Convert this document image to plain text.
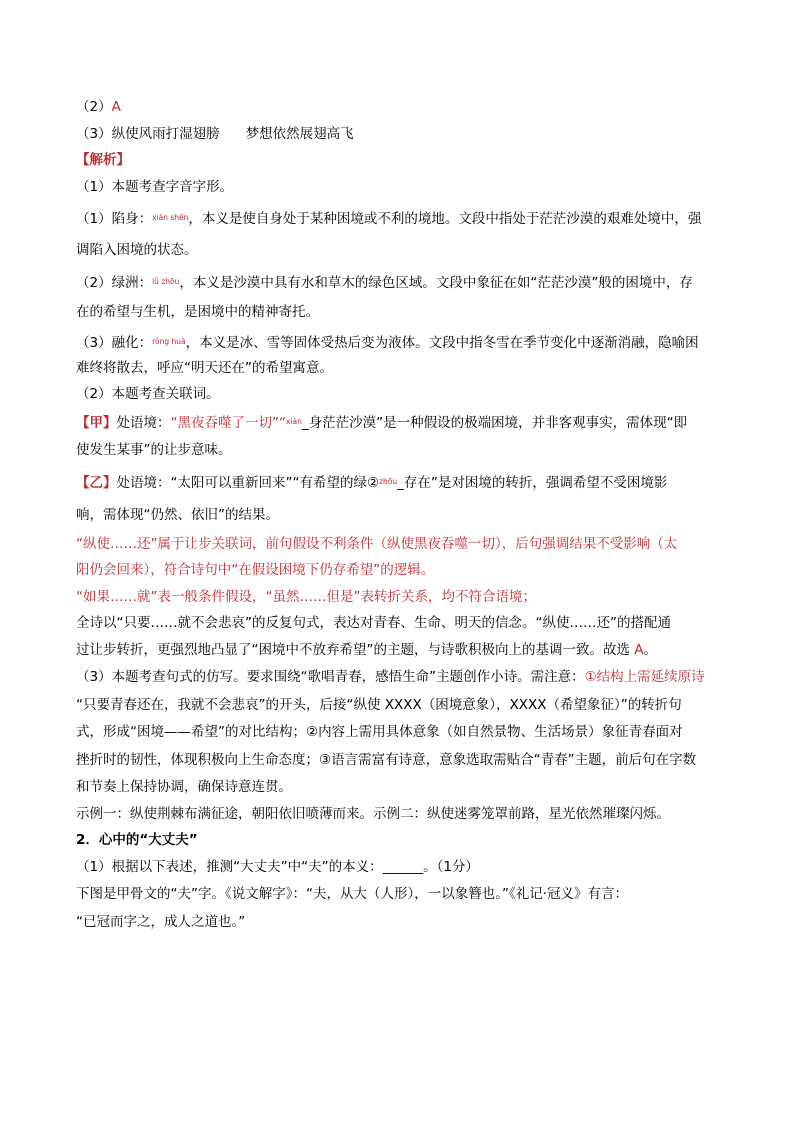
（2）A
（3）纵使风雨打湿翅膀 梦想依然展翅高飞
【解析】
（1）本题考查字音字形。
（1）陷身：$^{xiàn shēn}$，本义是使自身处于某种困境或不利的境地。文段中指处于茫茫沙漠的艰难处境中，强
调陷入困境的状态。
（2）绿洲：$^{lǜ zhōu}$，本义是沙漠中具有水和草木的绿色区域。文段中象征在如“茫茫沙漠”般的困境中，存
在的希望与生机，是困境中的精神寄托。
（3）融化：$^{róng huà}$，本义是冰、雪等固体受热后变为液体。文段中指冬雪在季节变化中逐渐消融，隐喻困
难终将散去，呼应“明天还在”的希望寓意。
（2）本题考查关联词。
【甲】处语境：“黑夜吞噬了一切”“$^{xiàn}$_身茫茫沙漠”是一种假设的极端困境，并非客观事实，需体现“即
使发生某事”的让步意味。
【乙】处语境：“太阳可以重新回来”“有希望的绿②$^{zhōu}$_存在”是对困境的转折，强调希望不受困境影
响，需体现“仍然、依旧”的结果。
“纵使……还”属于让步关联词，前句假设不利条件（纵使黑夜吞噬一切），后句强调结果不受影响（太
阳仍会回来），符合诗句中“在假设困境下仍存希望”的逻辑。
“如果……就”表一般条件假设，“虽然……但是”表转折关系，均不符合语境；
全诗以“只要……就不会悲哀”的反复句式，表达对青春、生命、明天的信念。“纵使……还”的搭配通
过让步转折，更强烈地凸显了“困境中不放弃希望”的主题，与诗歌积极向上的基调一致。故选 A。
（3）本题考查句式的仿写。要求围绕“歌唱青春，感悟生命”主题创作小诗。需注意：①结构上需延续原诗
“只要青春还在，我就不会悲哀”的开头，后接“纵使 XXXX（困境意象），XXXX（希望象征）”的转折句
式，形成“困境——希望”的对比结构；②内容上需用具体意象（如自然景物、生活场景）象征青春面对
挫折时的韧性，体现积极向上生命态度；③语言需富有诗意，意象选取需贴合“青春”主题，前后句在字数
和节奏上保持协调，确保诗意连贯。
示例一：纵使荆棘布满征途，朝阳依旧喷薄而来。示例二：纵使迷雾笼罩前路，星光依然璀璨闪烁。
2．心中的“大丈夫”
（1）根据以下表述，推测“大丈夫”中“夫”的本义：______。（1分）
下图是甲骨文的“夫”字。《说文解字》：“夫，从大（人形），一以象簪也。”《礼记·冠义》有言：
“已冠而字之，成人之道也。”
